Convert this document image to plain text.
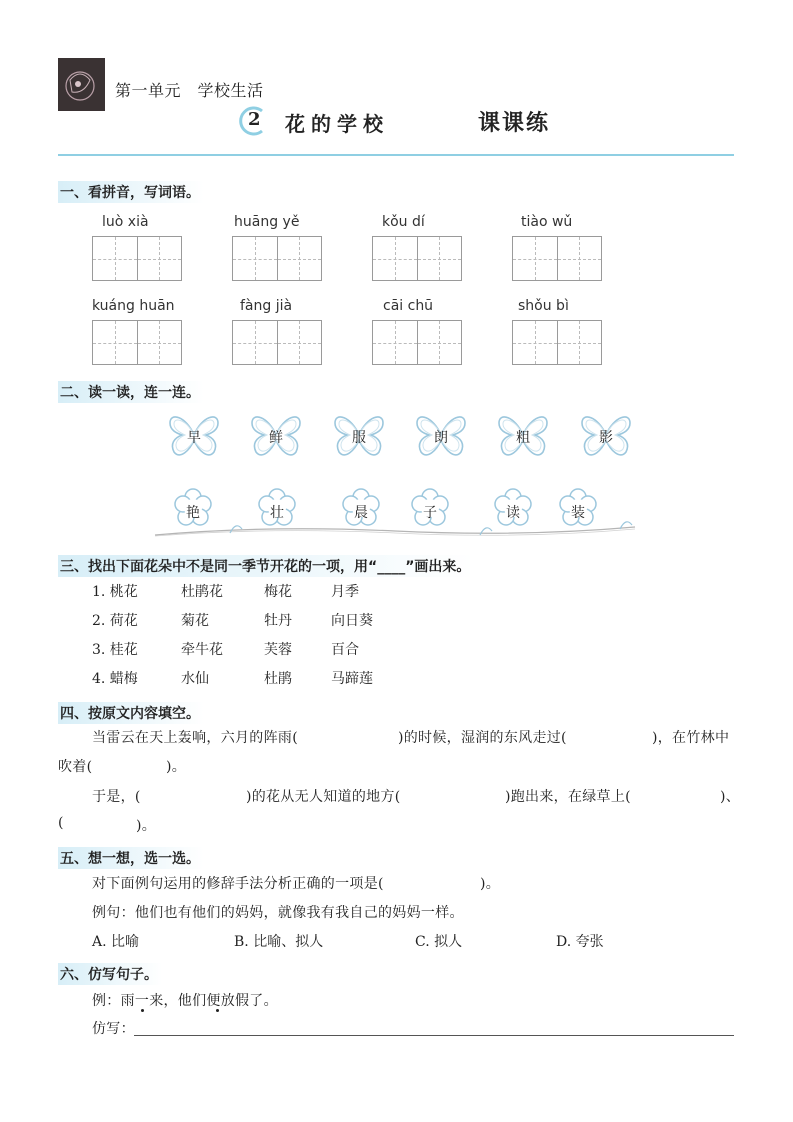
第一单元　学校生活
2 花的学校	课课练
一、看拼音，写词语。
luò xià	huāng yě	kǒu dí	tiào wǔ
kuáng huān	fàng jià	cāi chū	shǒu bì
二、读一读，连一连。
早	鲜	服	朗	粗	影
艳	壮	晨	子	读	装
三、找出下面花朵中不是同一季节开花的一项，用“____”画出来。
1. 桃花	杜鹃花	梅花	月季
2. 荷花	菊花	牡丹	向日葵
3. 桂花	牵牛花	芙蓉	百合
4. 蜡梅	水仙	杜鹃	马蹄莲
四、按原文内容填空。
当雷云在天上轰响，六月的阵雨(	)的时候，湿润的东风走过(	)，在竹林中
吹着(	)。
于是，(	)的花从无人知道的地方(	)跑出来，在绿草上(	)、
(	)。
五、想一想，选一选。
对下面例句运用的修辞手法分析正确的一项是(	)。
例句：他们也有他们的妈妈，就像我有我自己的妈妈一样。
A. 比喻	B. 比喻、拟人	C. 拟人	D. 夸张
六、仿写句子。
例：雨一来，他们便放假了。
仿写：
